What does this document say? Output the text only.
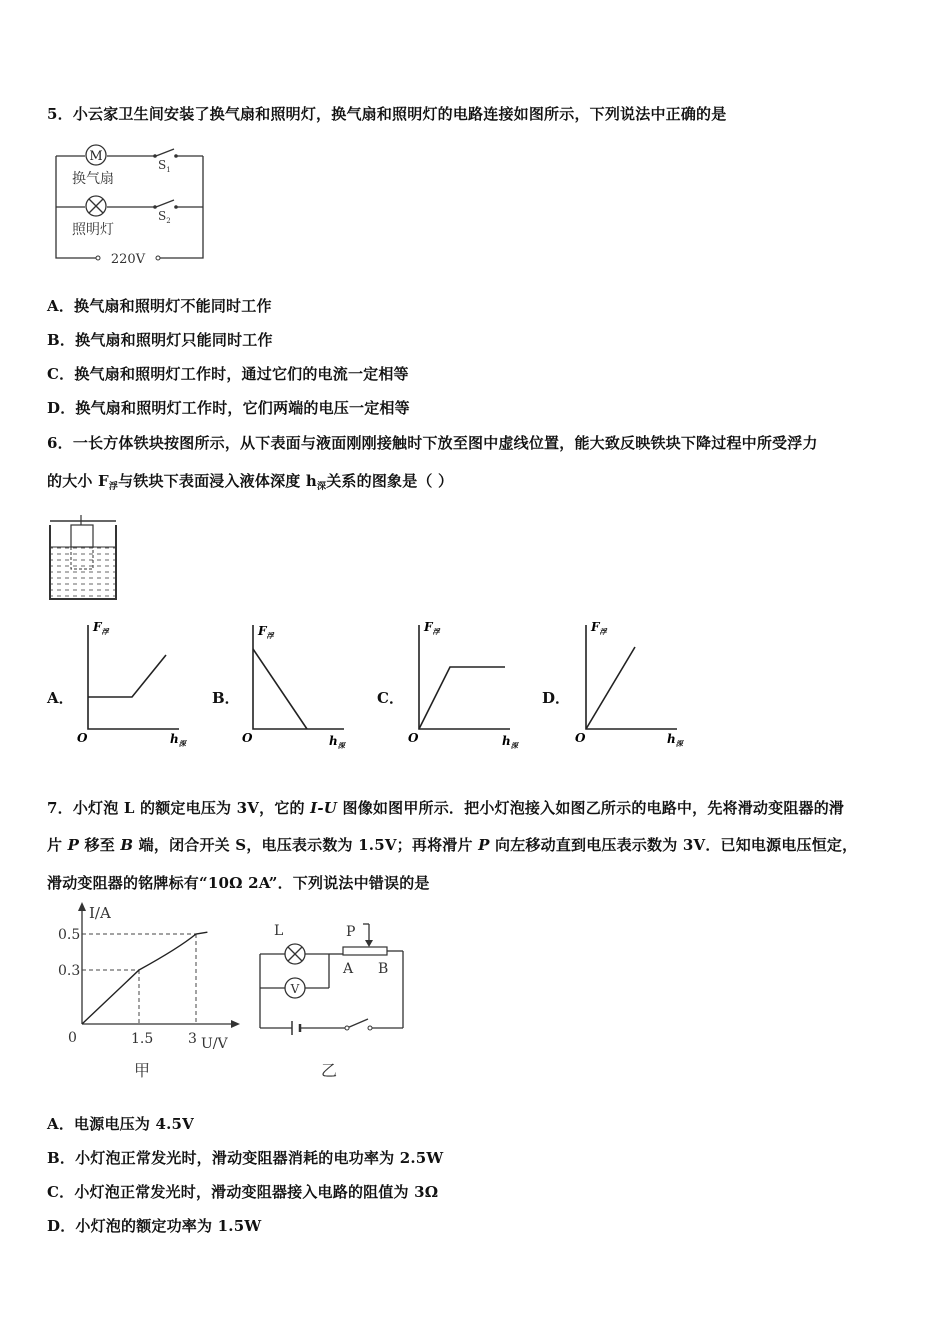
5．小云家卫生间安装了换气扇和照明灯，换气扇和照明灯的电路连接如图所示，下列说法中正确的是
M
换气扇
照明灯
$S_1$
$S_2$
220V
A．换气扇和照明灯不能同时工作
B．换气扇和照明灯只能同时工作
C．换气扇和照明灯工作时，通过它们的电流一定相等
D．换气扇和照明灯工作时，它们两端的电压一定相等
6．一长方体铁块按图所示，从下表面与液面刚刚接触时下放至图中虚线位置，能大致反映铁块下降过程中所受浮力
的大小 $F_浮$与铁块下表面浸入液体深度 $h_深$关系的图象是（ ）
A．	B．	C．	D．
$F_浮$
O	$h_深$
$F_浮$
O	$h_深$
$F_浮$
O	$h_深$
$F_浮$
O	$h_深$
7．小灯泡 L 的额定电压为 3V，它的 I-U 图像如图甲所示．把小灯泡接入如图乙所示的电路中，先将滑动变阻器的滑
片 P 移至 B 端，闭合开关 S，电压表示数为 1.5V；再将滑片 P 向左移动直到电压表示数为 3V．已知电源电压恒定，
滑动变阻器的铭牌标有“10Ω 2A”．下列说法中错误的是
0.5
0.3
1.5 3
I/A
U/V
0
甲
V
L	P
A B
乙
A．电源电压为 4.5V
B．小灯泡正常发光时，滑动变阻器消耗的电功率为 2.5W
C．小灯泡正常发光时，滑动变阻器接入电路的阻值为 3Ω
D．小灯泡的额定功率为 1.5W
